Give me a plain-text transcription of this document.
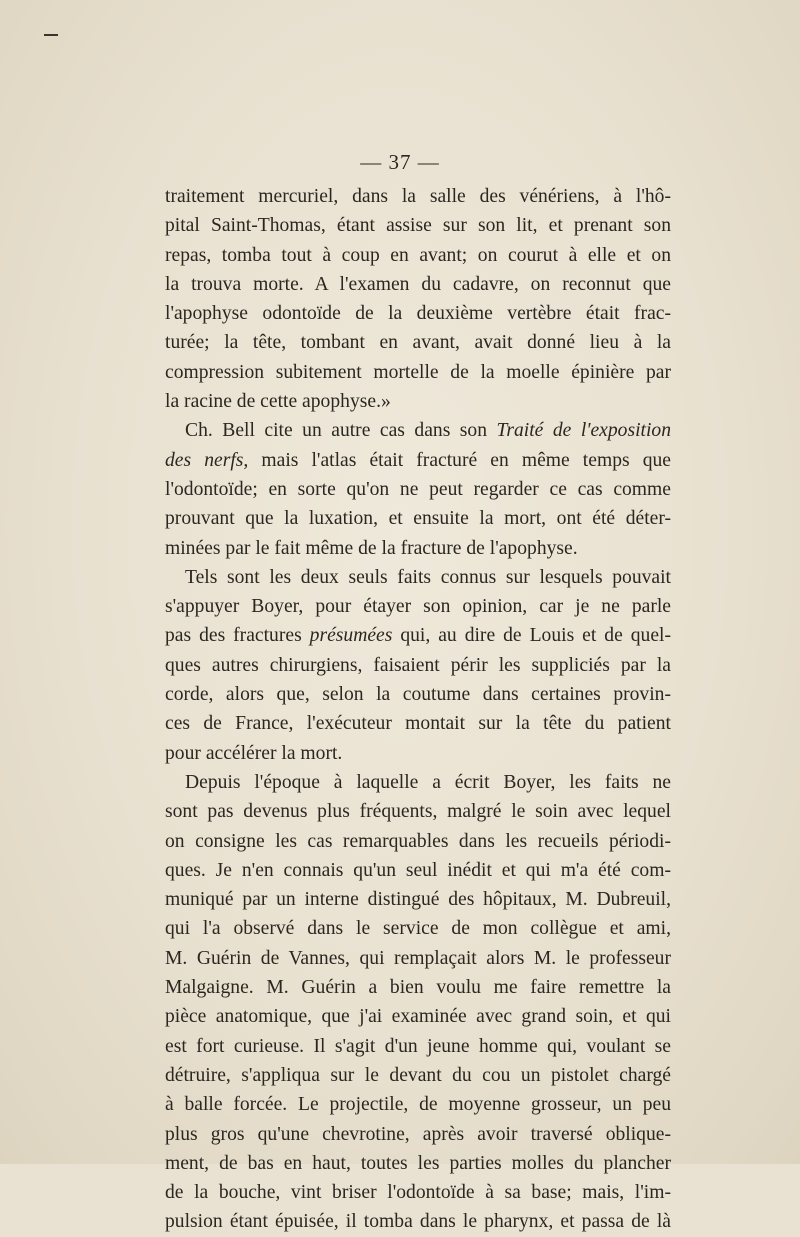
— 37 —
traitement mercuriel, dans la salle des vénériens, à l'hô-
pital Saint-Thomas, étant assise sur son lit, et prenant son
repas, tomba tout à coup en avant; on courut à elle et on
la trouva morte. A l'examen du cadavre, on reconnut que
l'apophyse odontoïde de la deuxième vertèbre était frac-
turée; la tête, tombant en avant, avait donné lieu à la
compression subitement mortelle de la moelle épinière par
la racine de cette apophyse.»
Ch. Bell cite un autre cas dans son Traité de l'exposition
des nerfs, mais l'atlas était fracturé en même temps que
l'odontoïde; en sorte qu'on ne peut regarder ce cas comme
prouvant que la luxation, et ensuite la mort, ont été déter-
minées par le fait même de la fracture de l'apophyse.
Tels sont les deux seuls faits connus sur lesquels pouvait
s'appuyer Boyer, pour étayer son opinion, car je ne parle
pas des fractures présumées qui, au dire de Louis et de quel-
ques autres chirurgiens, faisaient périr les suppliciés par la
corde, alors que, selon la coutume dans certaines provin-
ces de France, l'exécuteur montait sur la tête du patient
pour accélérer la mort.
Depuis l'époque à laquelle a écrit Boyer, les faits ne
sont pas devenus plus fréquents, malgré le soin avec lequel
on consigne les cas remarquables dans les recueils périodi-
ques. Je n'en connais qu'un seul inédit et qui m'a été com-
muniqué par un interne distingué des hôpitaux, M. Dubreuil,
qui l'a observé dans le service de mon collègue et ami,
M. Guérin de Vannes, qui remplaçait alors M. le professeur
Malgaigne. M. Guérin a bien voulu me faire remettre la
pièce anatomique, que j'ai examinée avec grand soin, et qui
est fort curieuse. Il s'agit d'un jeune homme qui, voulant se
détruire, s'appliqua sur le devant du cou un pistolet chargé
à balle forcée. Le projectile, de moyenne grosseur, un peu
plus gros qu'une chevrotine, après avoir traversé oblique-
ment, de bas en haut, toutes les parties molles du plancher
de la bouche, vint briser l'odontoïde à sa base; mais, l'im-
pulsion étant épuisée, il tomba dans le pharynx, et passa de là
